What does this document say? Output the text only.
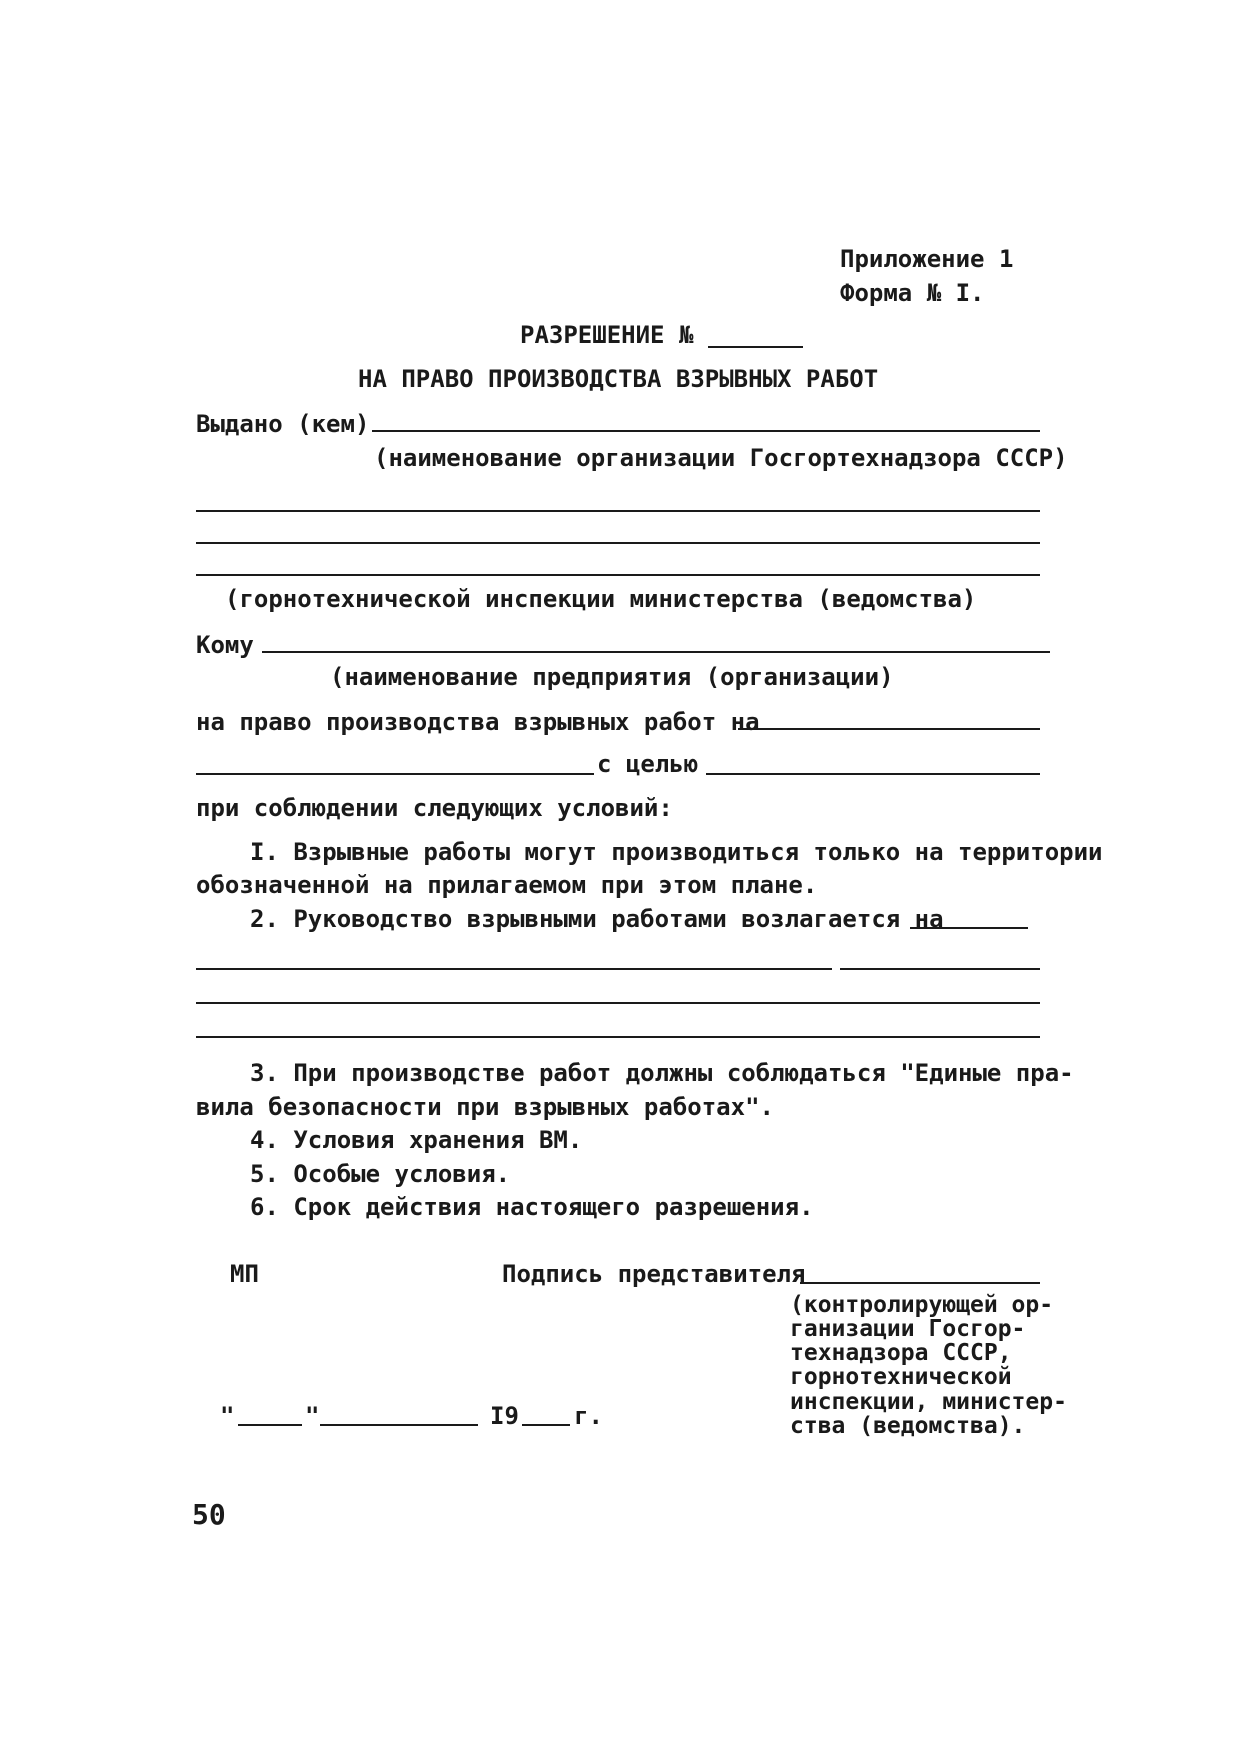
Приложение 1
Форма № I.
РАЗРЕШЕНИЕ №
НА ПРАВО ПРОИЗВОДСТВА ВЗРЫВНЫХ РАБОТ
Выдано (кем)
(наименование организации Госгортехнадзора СССР)
(горнотехнической инспекции министерства (ведомства)
Кому
(наименование предприятия (организации)
на право производства взрывных работ на
с целью
при соблюдении следующих условий:
I. Взрывные работы могут производиться только на территории
обозначенной на прилагаемом при этом плане.
2. Руководство взрывными работами возлагается на
3. При производстве работ должны соблюдаться "Единые пра-
вила безопасности при взрывных работах".
4. Условия хранения ВМ.
5. Особые условия.
6. Срок действия настоящего разрешения.
МП	Подпись представителя
(контролирующей ор-
ганизации Госгор-
технадзора СССР,
горнотехнической
инспекции, министер-
ства (ведомства).
"	"	I9 г.
50
